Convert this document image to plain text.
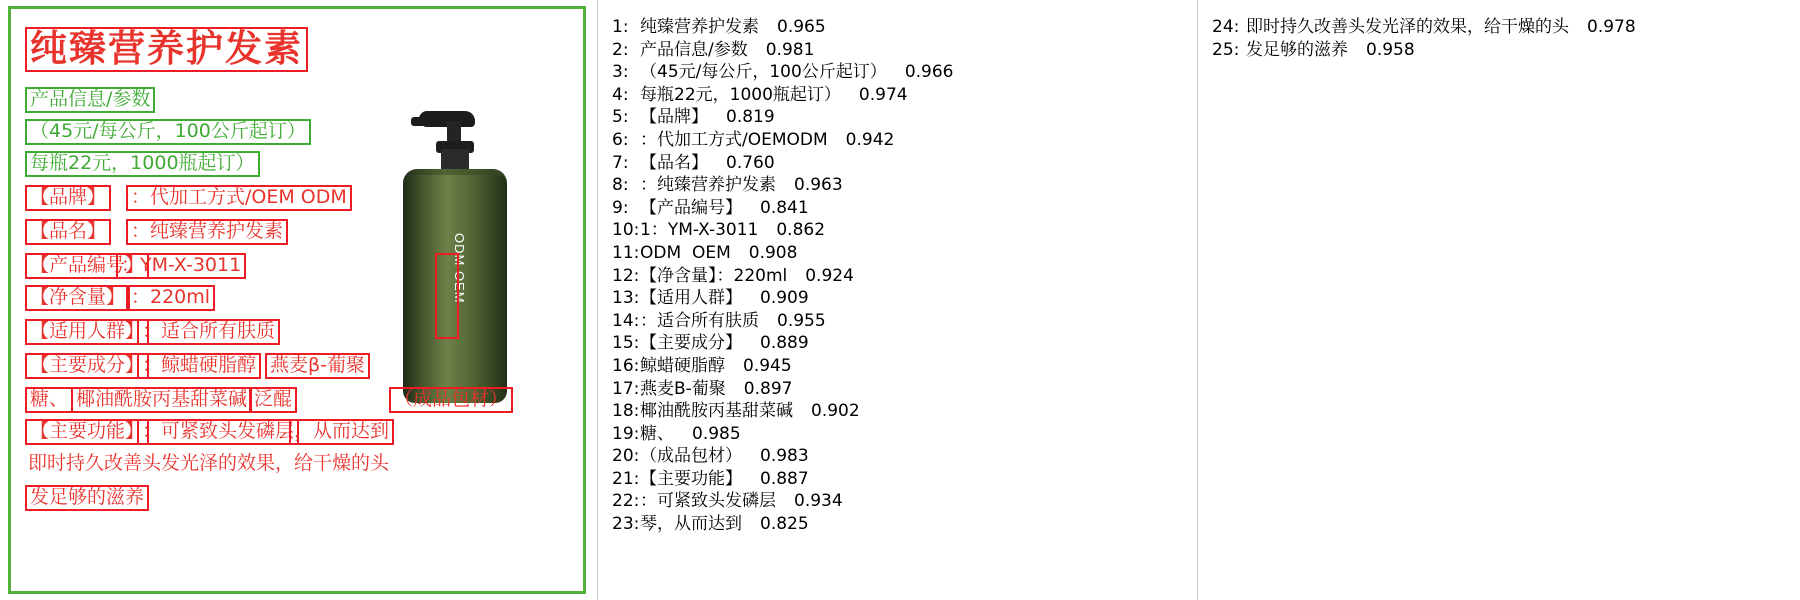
ODM OEM
纯臻营养护发素
产品信息/参数
（45元/每公斤，100公斤起订）
每瓶22元，1000瓶起订）
【品牌】 ：代加工方式/OEM ODM
【品名】 ：纯臻营养护发素
【产品编号】
：YM-X-3011
【净含量】 ：220ml
【适用人群】
：适合所有肤质
【主要成分】
：鲸蜡硬脂醇 燕麦β-葡聚
糖、 椰油酰胺丙基甜菜碱 泛醌	（成品包材）
【主要功能】
：可紧致头发磷层 ，从而达到
即时持久改善头发光泽的效果，给干燥的头
发足够的滋养
1: 纯臻营养护发素	0.965
2: 产品信息/参数	0.981
3: （45元/每公斤，100公斤起订）	0.966
4: 每瓶22元，1000瓶起订）	0.974
5: 【品牌】	0.819
6: ：代加工方式/OEMODM	0.942
7: 【品名】	0.760
8: ：纯臻营养护发素	0.963
9: 【产品编号】	0.841
10: 1：YM-X-3011	0.862
11: ODM  OEM	0.908
12: 【净含量】：220ml	0.924
13: 【适用人群】	0.909
14: ：适合所有肤质	0.955
15: 【主要成分】	0.889
16: 鲸蜡硬脂醇	0.945
17: 燕麦B-葡聚	0.897
18: 椰油酰胺丙基甜菜碱	0.902
19: 糖、	0.985
20: （成品包材）	0.983
21: 【主要功能】	0.887
22: ：可紧致头发磷层	0.934
23: 琴，从而达到	0.825
24: 即时持久改善头发光泽的效果，给干燥的头	0.978
25: 发足够的滋养	0.958
